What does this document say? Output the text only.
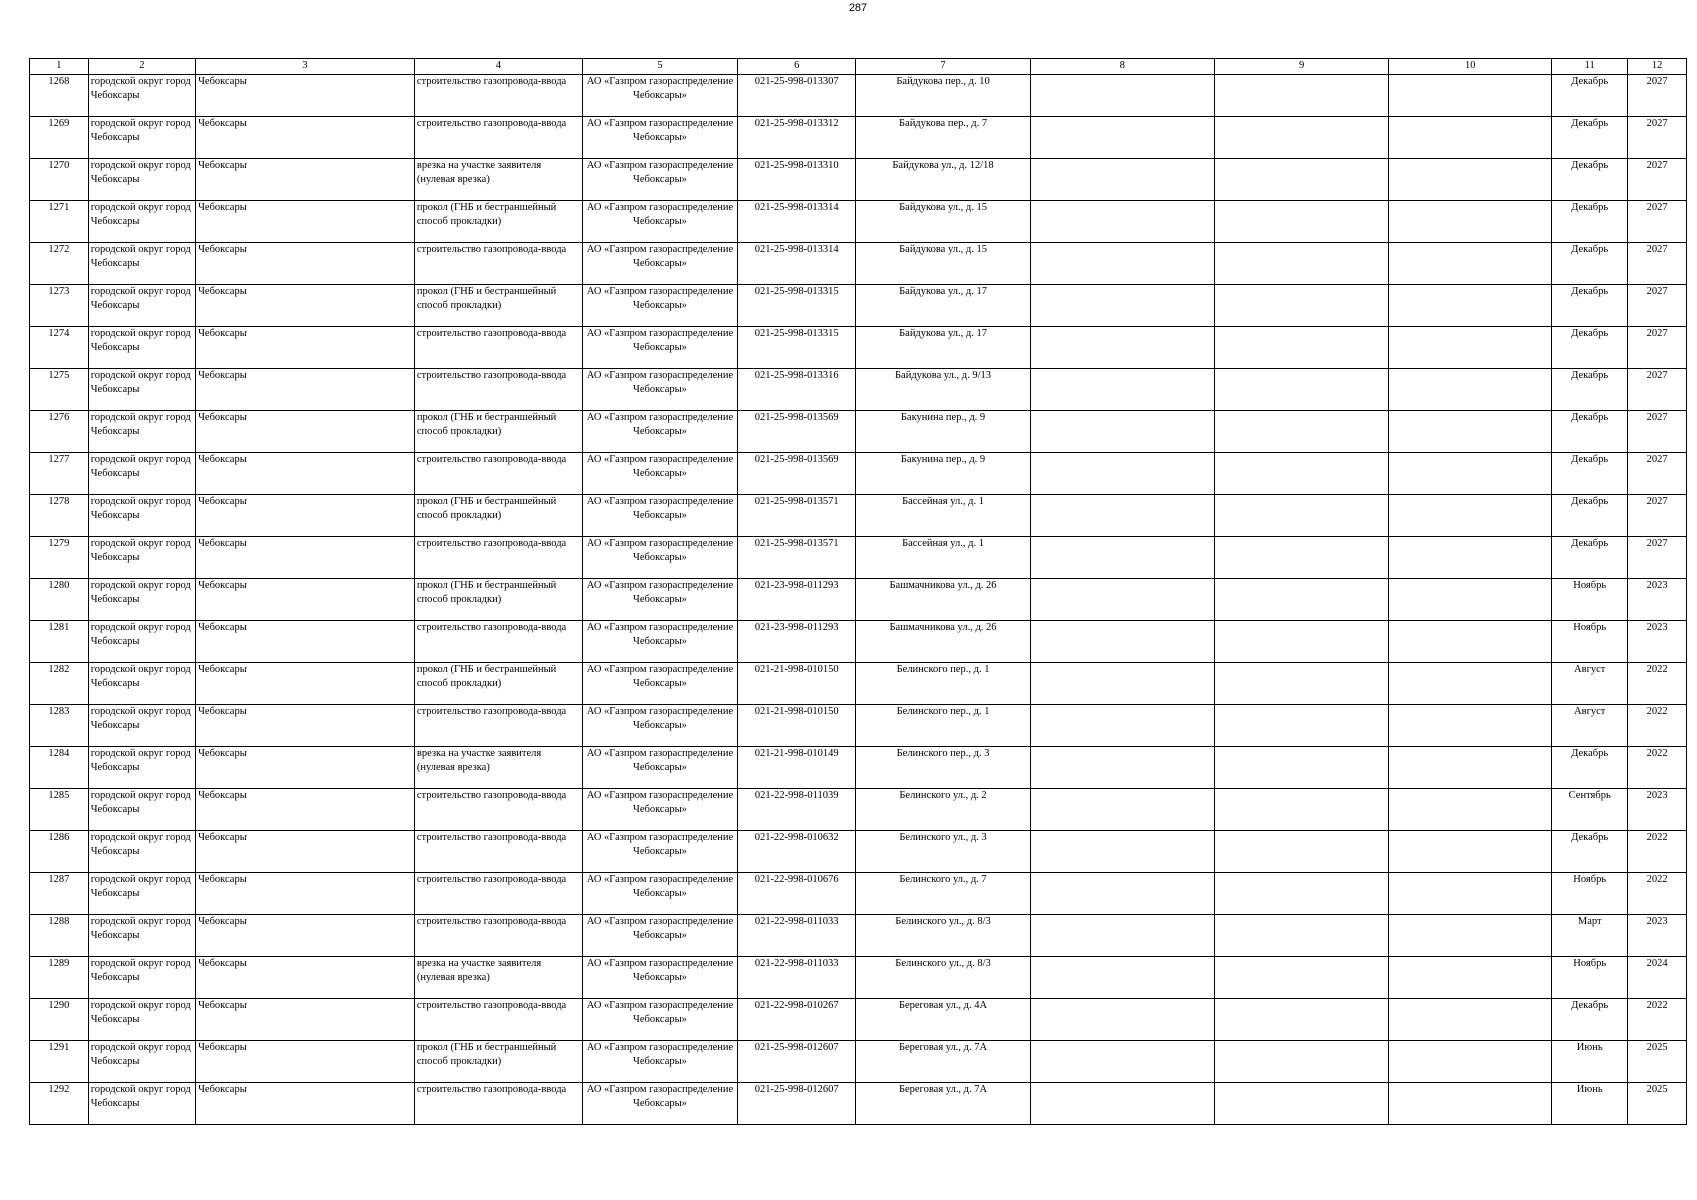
287
1	2	3	4	5	6	7	8	9	10	11	12

1268	городской округ город Чебоксары	Чебоксары	строительство газопровода-ввода	АО «Газпром газораспределение Чебоксары»	021-25-998-013307	Байдукова пер., д. 10				Декабрь	2027

1269	городской округ город Чебоксары	Чебоксары	строительство газопровода-ввода	АО «Газпром газораспределение Чебоксары»	021-25-998-013312	Байдукова пер., д. 7				Декабрь	2027

1270	городской округ город Чебоксары	Чебоксары	врезка на участке заявителя (нулевая врезка)	АО «Газпром газораспределение Чебоксары»	021-25-998-013310	Байдукова ул., д. 12/18				Декабрь	2027

1271	городской округ город Чебоксары	Чебоксары	прокол (ГНБ и бестраншейный способ прокладки)	АО «Газпром газораспределение Чебоксары»	021-25-998-013314	Байдукова ул., д. 15				Декабрь	2027

1272	городской округ город Чебоксары	Чебоксары	строительство газопровода-ввода	АО «Газпром газораспределение Чебоксары»	021-25-998-013314	Байдукова ул., д. 15				Декабрь	2027

1273	городской округ город Чебоксары	Чебоксары	прокол (ГНБ и бестраншейный способ прокладки)	АО «Газпром газораспределение Чебоксары»	021-25-998-013315	Байдукова ул., д. 17				Декабрь	2027

1274	городской округ город Чебоксары	Чебоксары	строительство газопровода-ввода	АО «Газпром газораспределение Чебоксары»	021-25-998-013315	Байдукова ул., д. 17				Декабрь	2027

1275	городской округ город Чебоксары	Чебоксары	строительство газопровода-ввода	АО «Газпром газораспределение Чебоксары»	021-25-998-013316	Байдукова ул., д. 9/13				Декабрь	2027

1276	городской округ город Чебоксары	Чебоксары	прокол (ГНБ и бестраншейный способ прокладки)	АО «Газпром газораспределение Чебоксары»	021-25-998-013569	Бакунина пер., д. 9				Декабрь	2027

1277	городской округ город Чебоксары	Чебоксары	строительство газопровода-ввода	АО «Газпром газораспределение Чебоксары»	021-25-998-013569	Бакунина пер., д. 9				Декабрь	2027

1278	городской округ город Чебоксары	Чебоксары	прокол (ГНБ и бестраншейный способ прокладки)	АО «Газпром газораспределение Чебоксары»	021-25-998-013571	Бассейная ул., д. 1				Декабрь	2027

1279	городской округ город Чебоксары	Чебоксары	строительство газопровода-ввода	АО «Газпром газораспределение Чебоксары»	021-25-998-013571	Бассейная ул., д. 1				Декабрь	2027

1280	городской округ город Чебоксары	Чебоксары	прокол (ГНБ и бестраншейный способ прокладки)	АО «Газпром газораспределение Чебоксары»	021-23-998-011293	Башмачникова ул., д. 26				Ноябрь	2023

1281	городской округ город Чебоксары	Чебоксары	строительство газопровода-ввода	АО «Газпром газораспределение Чебоксары»	021-23-998-011293	Башмачникова ул., д. 26				Ноябрь	2023

1282	городской округ город Чебоксары	Чебоксары	прокол (ГНБ и бестраншейный способ прокладки)	АО «Газпром газораспределение Чебоксары»	021-21-998-010150	Белинского пер., д. 1				Август	2022

1283	городской округ город Чебоксары	Чебоксары	строительство газопровода-ввода	АО «Газпром газораспределение Чебоксары»	021-21-998-010150	Белинского пер., д. 1				Август	2022

1284	городской округ город Чебоксары	Чебоксары	врезка на участке заявителя (нулевая врезка)	АО «Газпром газораспределение Чебоксары»	021-21-998-010149	Белинского пер., д. 3				Декабрь	2022

1285	городской округ город Чебоксары	Чебоксары	строительство газопровода-ввода	АО «Газпром газораспределение Чебоксары»	021-22-998-011039	Белинского ул., д. 2				Сентябрь	2023

1286	городской округ город Чебоксары	Чебоксары	строительство газопровода-ввода	АО «Газпром газораспределение Чебоксары»	021-22-998-010632	Белинского ул., д. 3				Декабрь	2022

1287	городской округ город Чебоксары	Чебоксары	строительство газопровода-ввода	АО «Газпром газораспределение Чебоксары»	021-22-998-010676	Белинского ул., д. 7				Ноябрь	2022

1288	городской округ город Чебоксары	Чебоксары	строительство газопровода-ввода	АО «Газпром газораспределение Чебоксары»	021-22-998-011033	Белинского ул., д. 8/3				Март	2023

1289	городской округ город Чебоксары	Чебоксары	врезка на участке заявителя (нулевая врезка)	АО «Газпром газораспределение Чебоксары»	021-22-998-011033	Белинского ул., д. 8/3				Ноябрь	2024

1290	городской округ город Чебоксары	Чебоксары	строительство газопровода-ввода	АО «Газпром газораспределение Чебоксары»	021-22-998-010267	Береговая ул., д. 4А				Декабрь	2022

1291	городской округ город Чебоксары	Чебоксары	прокол (ГНБ и бестраншейный способ прокладки)	АО «Газпром газораспределение Чебоксары»	021-25-998-012607	Береговая ул., д. 7А				Июнь	2025

1292	городской округ город Чебоксары	Чебоксары	строительство газопровода-ввода	АО «Газпром газораспределение Чебоксары»	021-25-998-012607	Береговая ул., д. 7А				Июнь	2025
